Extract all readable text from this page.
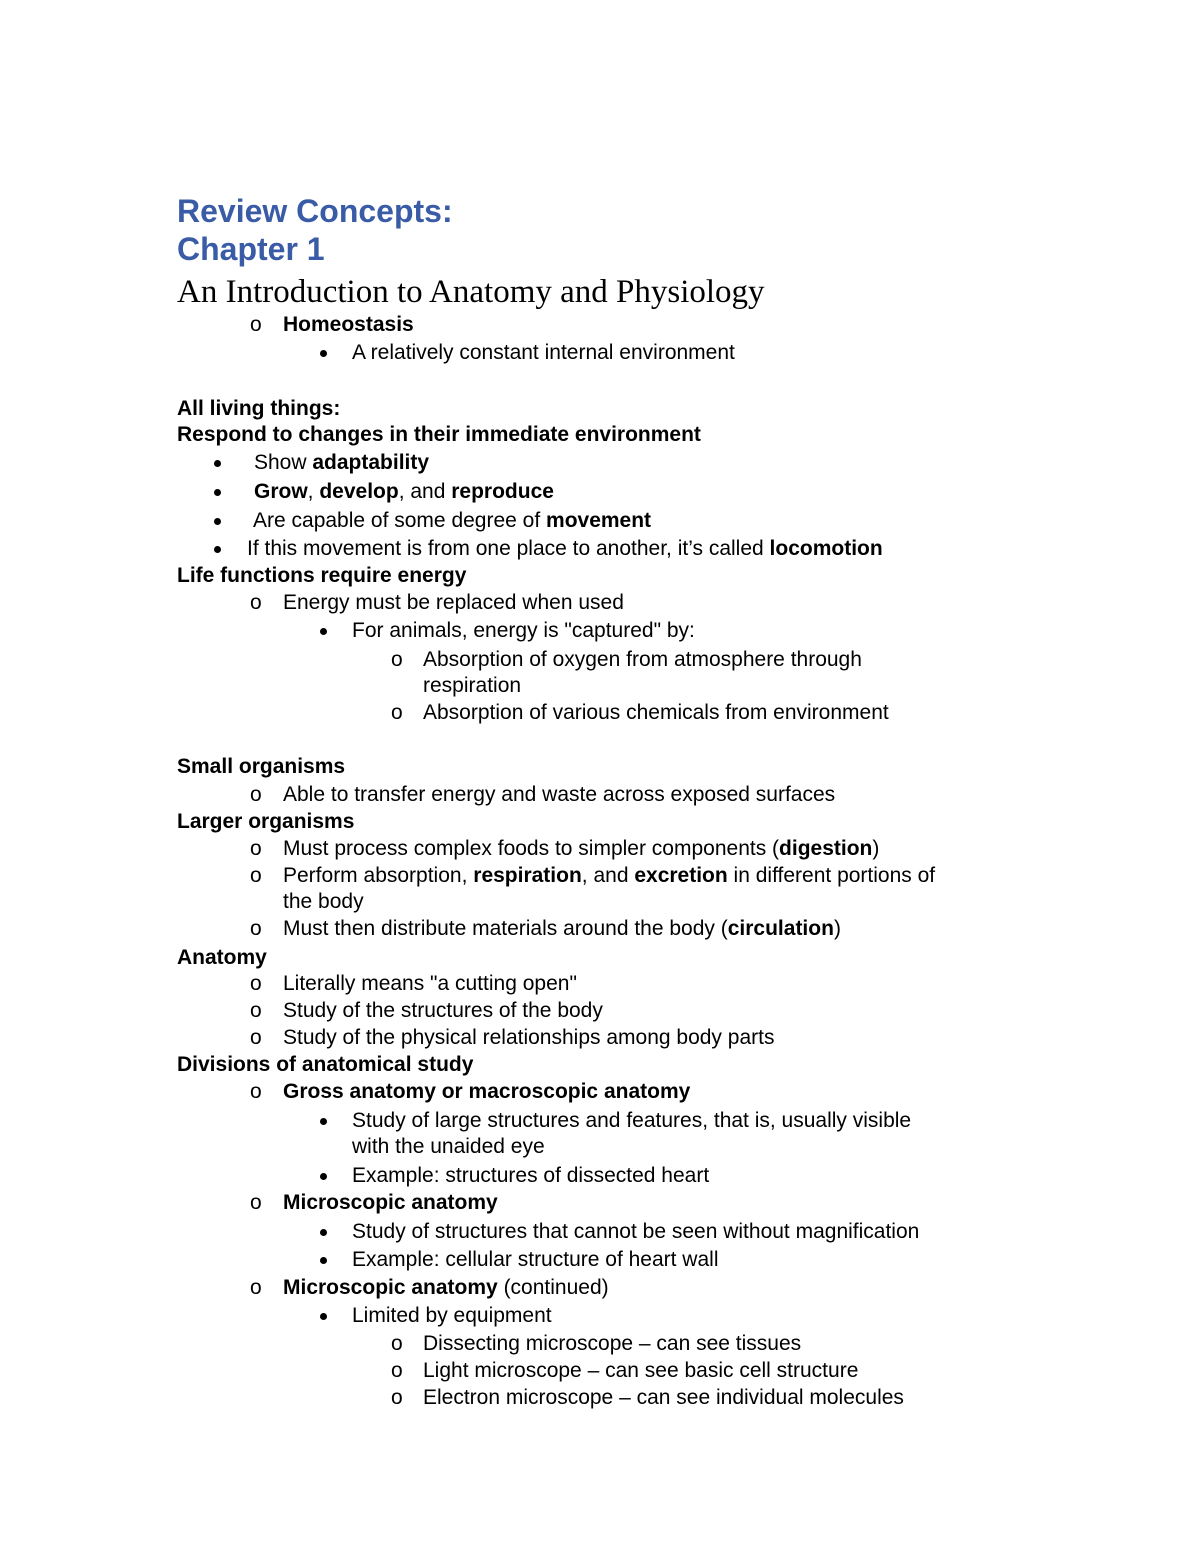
Review Concepts:
Chapter 1
An Introduction to Anatomy and Physiology
o Homeostasis
A relatively constant internal environment
All living things:
Respond to changes in their immediate environment
Show adaptability
Grow, develop, and reproduce
Are capable of some degree of movement
If this movement is from one place to another, it’s called locomotion
Life functions require energy
o Energy must be replaced when used
For animals, energy is "captured" by:
o Absorption of oxygen from atmosphere through
respiration
o Absorption of various chemicals from environment
Small organisms
o Able to transfer energy and waste across exposed surfaces
Larger organisms
o Must process complex foods to simpler components (digestion)
o Perform absorption, respiration, and excretion in different portions of
the body
o Must then distribute materials around the body (circulation)
Anatomy
o Literally means "a cutting open"
o Study of the structures of the body
o Study of the physical relationships among body parts
Divisions of anatomical study
o Gross anatomy or macroscopic anatomy
Study of large structures and features, that is, usually visible
with the unaided eye
Example: structures of dissected heart
o Microscopic anatomy
Study of structures that cannot be seen without magnification
Example: cellular structure of heart wall
o Microscopic anatomy (continued)
Limited by equipment
o Dissecting microscope – can see tissues
o Light microscope – can see basic cell structure
o Electron microscope – can see individual molecules
